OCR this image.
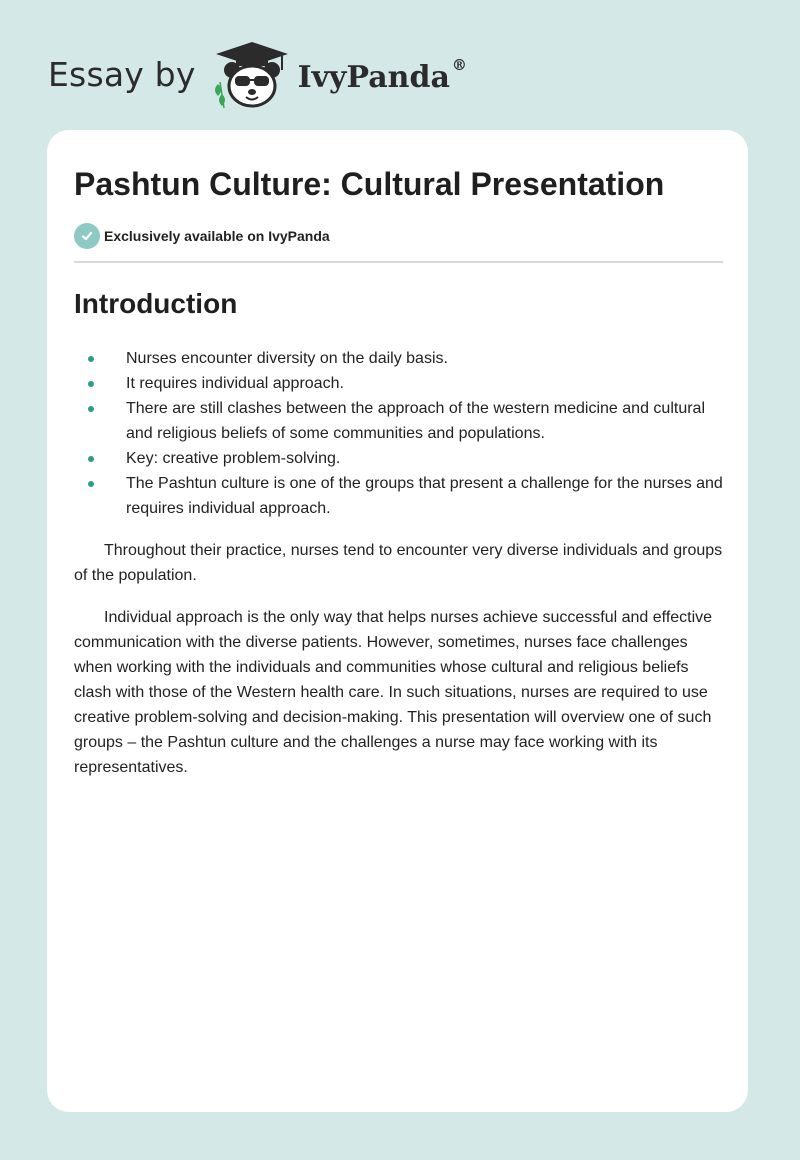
Essay by	IvyPanda ®
Pashtun Culture: Cultural Presentation
Exclusively available on IvyPanda
Introduction
Nurses encounter diversity on the daily basis.
It requires individual approach.
There are still clashes between the approach of the western medicine and cultural and religious beliefs of some communities and populations.
Key: creative problem-solving.
The Pashtun culture is one of the groups that present a challenge for the nurses and requires individual approach.

Throughout their practice, nurses tend to encounter very diverse individuals and groups of the population.

Individual approach is the only way that helps nurses achieve successful and effective communication with the diverse patients. However, sometimes, nurses face challenges when working with the individuals and communities whose cultural and religious beliefs clash with those of the Western health care. In such situations, nurses are required to use creative problem-solving and decision-making. This presentation will overview one of such groups – the Pashtun culture and the challenges a nurse may face working with its representatives.
